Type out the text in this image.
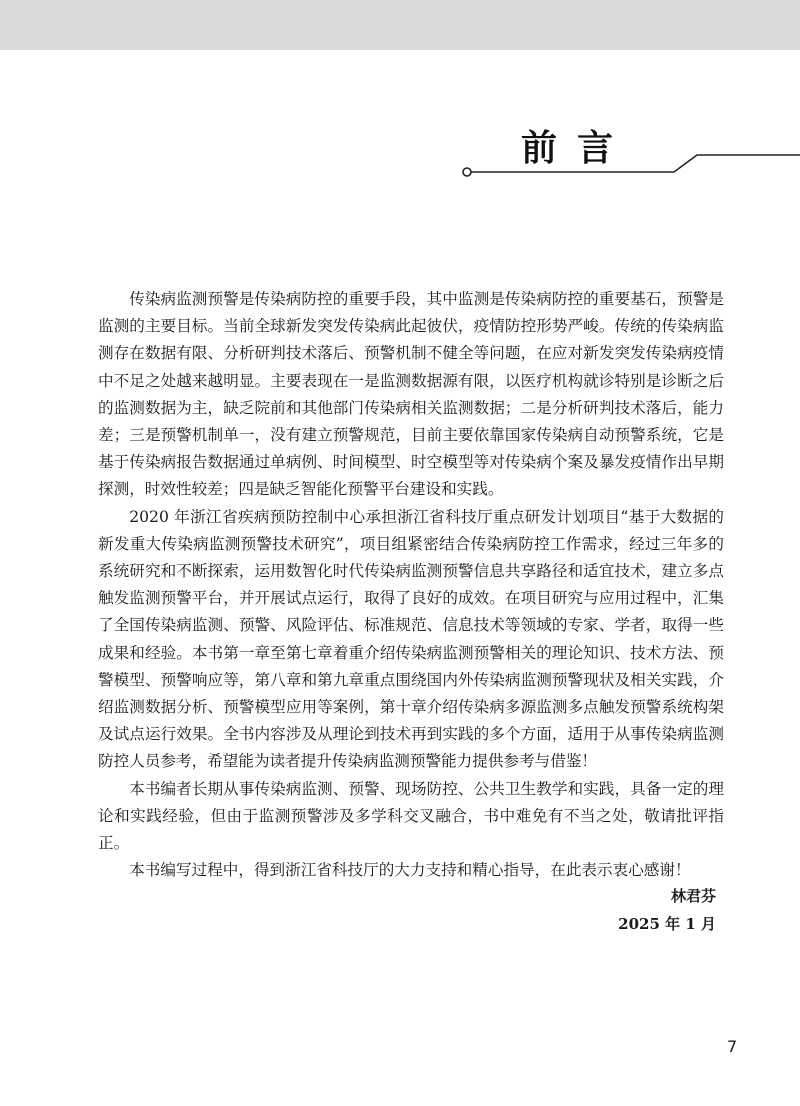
前言

传染病监测预警是传染病防控的重要手段，其中监测是传染病防控的重要基石，预警是监测的主要目标。当前全球新发突发传染病此起彼伏，疫情防控形势严峻。传统的传染病监测存在数据有限、分析研判技术落后、预警机制不健全等问题，在应对新发突发传染病疫情中不足之处越来越明显。主要表现在一是监测数据源有限，以医疗机构就诊特别是诊断之后的监测数据为主，缺乏院前和其他部门传染病相关监测数据；二是分析研判技术落后，能力差；三是预警机制单一，没有建立预警规范，目前主要依靠国家传染病自动预警系统，它是基于传染病报告数据通过单病例、时间模型、时空模型等对传染病个案及暴发疫情作出早期探测，时效性较差；四是缺乏智能化预警平台建设和实践。

2020 年浙江省疾病预防控制中心承担浙江省科技厅重点研发计划项目“基于大数据的新发重大传染病监测预警技术研究”，项目组紧密结合传染病防控工作需求，经过三年多的系统研究和不断探索，运用数智化时代传染病监测预警信息共享路径和适宜技术，建立多点触发监测预警平台，并开展试点运行，取得了良好的成效。在项目研究与应用过程中，汇集了全国传染病监测、预警、风险评估、标准规范、信息技术等领域的专家、学者，取得一些成果和经验。本书第一章至第七章着重介绍传染病监测预警相关的理论知识、技术方法、预警模型、预警响应等，第八章和第九章重点围绕国内外传染病监测预警现状及相关实践，介绍监测数据分析、预警模型应用等案例，第十章介绍传染病多源监测多点触发预警系统构架及试点运行效果。全书内容涉及从理论到技术再到实践的多个方面，适用于从事传染病监测防控人员参考，希望能为读者提升传染病监测预警能力提供参考与借鉴！

本书编者长期从事传染病监测、预警、现场防控、公共卫生教学和实践，具备一定的理论和实践经验，但由于监测预警涉及多学科交叉融合，书中难免有不当之处，敬请批评指正。

本书编写过程中，得到浙江省科技厅的大力支持和精心指导，在此表示衷心感谢！

林君芬
2025 年 1 月
7
